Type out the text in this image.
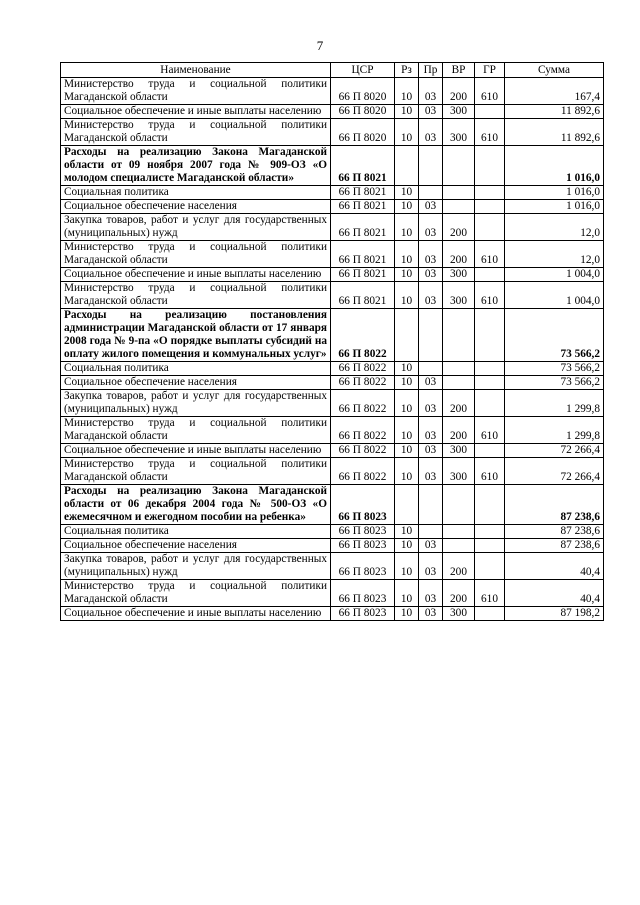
7
Наименование	ЦСР	Рз	Пр	ВР	ГР	Сумма
Министерство труда и социальной политики Магаданской области	66 П 8020	10	03	200	610	167,4
Социальное обеспечение и иные выплаты населению	66 П 8020	10	03	300		11 892,6
Министерство труда и социальной политики Магаданской области	66 П 8020	10	03	300	610	11 892,6
Расходы на реализацию Закона Магаданской области от 09 ноября 2007 года № 909-ОЗ «О молодом специалисте Магаданской области»	66 П 8021					1 016,0
Социальная политика	66 П 8021	10				1 016,0
Социальное обеспечение населения	66 П 8021	10	03			1 016,0
Закупка товаров, работ и услуг для государственных (муниципальных) нужд	66 П 8021	10	03	200		12,0
Министерство труда и социальной политики Магаданской области	66 П 8021	10	03	200	610	12,0
Социальное обеспечение и иные выплаты населению	66 П 8021	10	03	300		1 004,0
Министерство труда и социальной политики Магаданской области	66 П 8021	10	03	300	610	1 004,0
Расходы на реализацию постановления администрации Магаданской области от 17 января 2008 года № 9-па «О порядке выплаты субсидий на оплату жилого помещения и коммунальных услуг»	66 П 8022					73 566,2
Социальная политика	66 П 8022	10				73 566,2
Социальное обеспечение населения	66 П 8022	10	03			73 566,2
Закупка товаров, работ и услуг для государственных (муниципальных) нужд	66 П 8022	10	03	200		1 299,8
Министерство труда и социальной политики Магаданской области	66 П 8022	10	03	200	610	1 299,8
Социальное обеспечение и иные выплаты населению	66 П 8022	10	03	300		72 266,4
Министерство труда и социальной политики Магаданской области	66 П 8022	10	03	300	610	72 266,4
Расходы на реализацию Закона Магаданской области от 06 декабря 2004 года № 500-ОЗ «О ежемесячном и ежегодном пособии на ребенка»	66 П 8023					87 238,6
Социальная политика	66 П 8023	10				87 238,6
Социальное обеспечение населения	66 П 8023	10	03			87 238,6
Закупка товаров, работ и услуг для государственных (муниципальных) нужд	66 П 8023	10	03	200		40,4
Министерство труда и социальной политики Магаданской области	66 П 8023	10	03	200	610	40,4
Социальное обеспечение и иные выплаты населению	66 П 8023	10	03	300		87 198,2
